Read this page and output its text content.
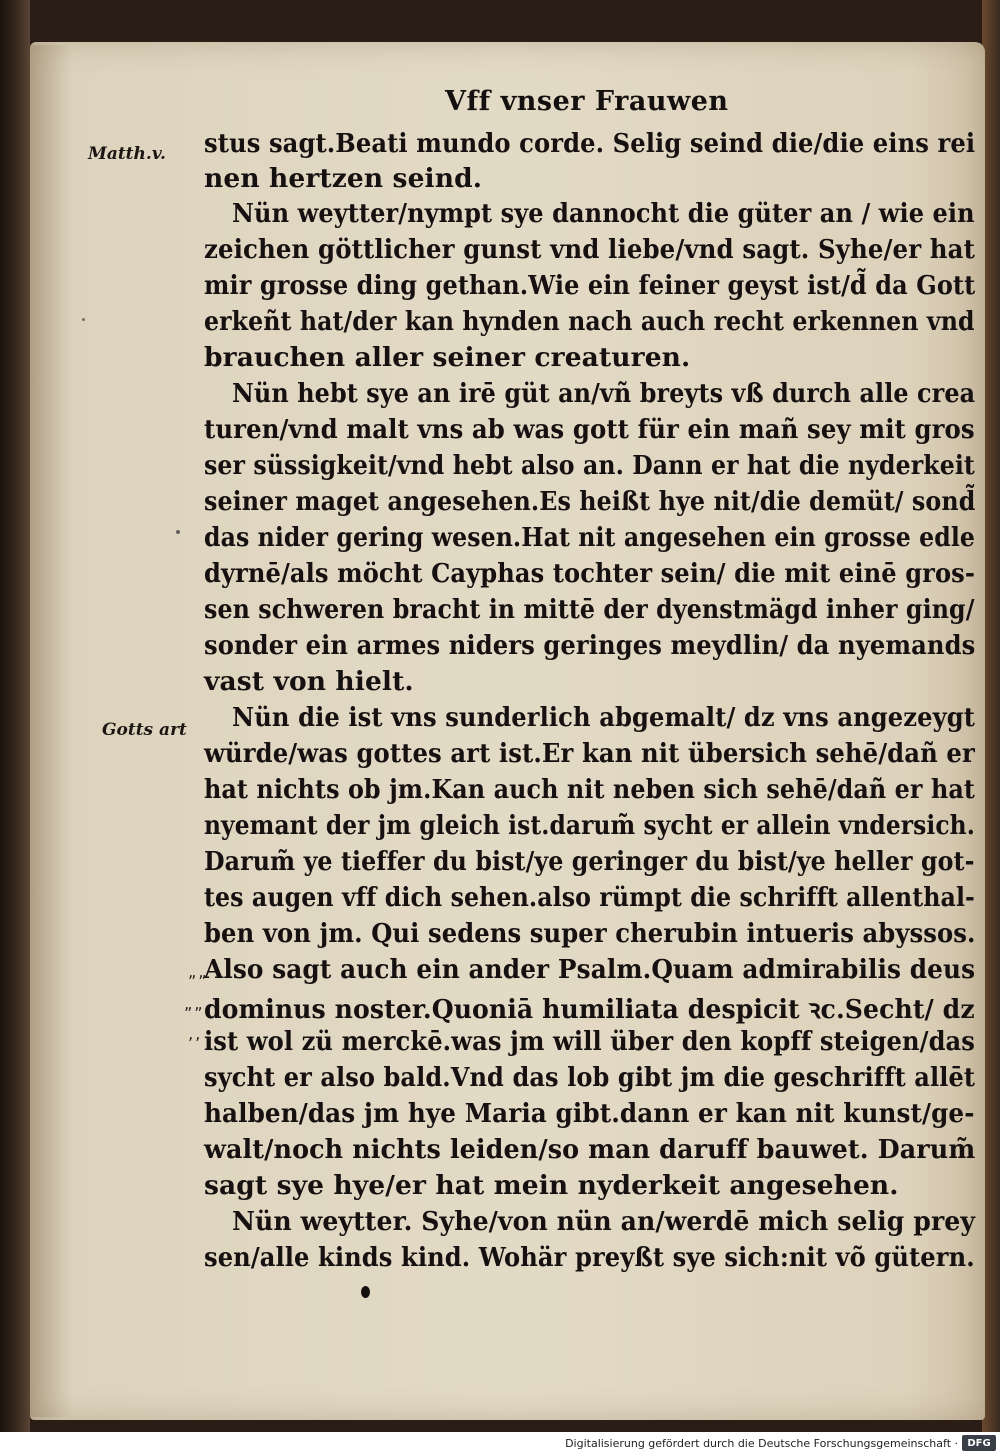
Vff vnser Frauwen
Matth.v.
Gotts art
stus sagt.Beati mundo corde. Selig seind die/die eins rei
nen hertzen seind.
Nün weytter/nympt sye dannocht die güter an / wie ein
zeichen göttlicher gunst vnd liebe/vnd sagt. Syhe/er hat
mir grosse ding gethan.Wie ein feiner geyst ist/d̃ da Gott
erkeñt hat/der kan hynden nach auch recht erkennen vnd
brauchen aller seiner creaturen.
Nün hebt sye an irē güt an/vñ breyts vß durch alle crea
turen/vnd malt vns ab was gott für ein mañ sey mit gros
ser süssigkeit/vnd hebt also an. Dann er hat die nyderkeit
seiner maget angesehen.Es heißt hye nit/die demüt/ sond̃
das nider gering wesen.Hat nit angesehen ein grosse edle
dyrnē/als möcht Cayphas tochter sein/ die mit einē gros-
sen schweren bracht in mittē der dyenstmägd inher ging/
sonder ein armes niders geringes meydlin/ da nyemands
vast von hielt.
Nün die ist vns sunderlich abgemalt/ dz vns angezeygt
würde/was gottes art ist.Er kan nit übersich sehē/dañ er
hat nichts ob jm.Kan auch nit neben sich sehē/dañ er hat
nyemant der jm gleich ist.darum̃ sycht er allein vndersich.
Darum̃ ye tieffer du bist/ye geringer du bist/ye heller got-
tes augen vff dich sehen.also rümpt die schrifft allenthal-
ben von jm. Qui sedens super cherubin intueris abyssos.
Also sagt auch ein ander Psalm.Quam admirabilis deus
dominus noster.Quoniā humiliata despicit ꝛc.Secht/ dz
ist wol zü merckē.was jm will über den kopff steigen/das
sycht er also bald.Vnd das lob gibt jm die geschrifft allēt
halben/das jm hye Maria gibt.dann er kan nit kunst/ge-
walt/noch nichts leiden/so man daruff bauwet. Darum̃
sagt sye hye/er hat mein nyderkeit angesehen.
Nün weytter. Syhe/von nün an/werdē mich selig prey
sen/alle kinds kind. Wohär preyßt sye sich:nit võ gütern.
„„
„„
‚‚
Digitalisierung gefördert durch die Deutsche Forschungsgemeinschaft · DFG
